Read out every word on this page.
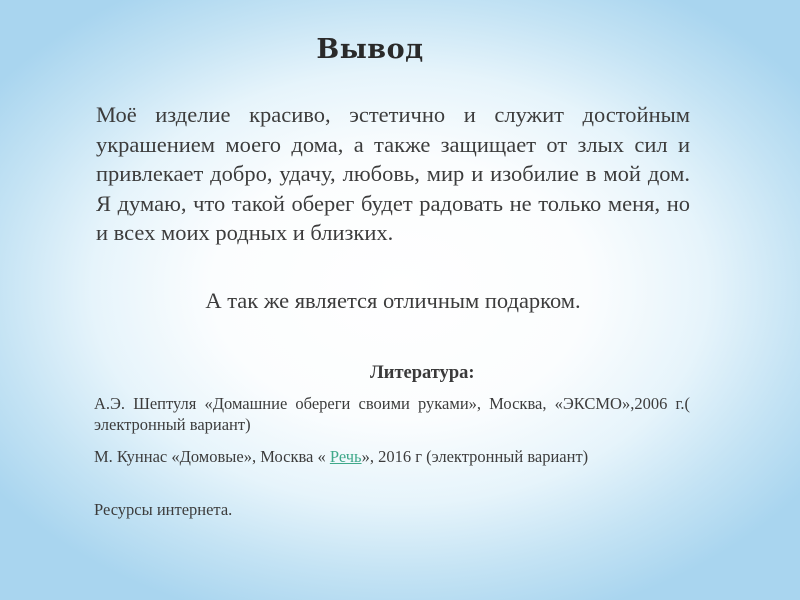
Вывод

Моё изделие красиво, эстетично и служит достойным украшением моего дома, а также защищает от злых сил и привлекает добро, удачу, любовь, мир и изобилие в мой дом. Я думаю, что такой оберег будет радовать не только меня, но и всех моих родных и близких.

А так же является отличным подарком.
Литература:
А.Э. Шептуля «Домашние обереги своими руками», Москва, «ЭКСМО»,2006 г.( электронный вариант)
М. Куннас «Домовые», Москва « Речь», 2016 г (электронный вариант)
Ресурсы интернета.
